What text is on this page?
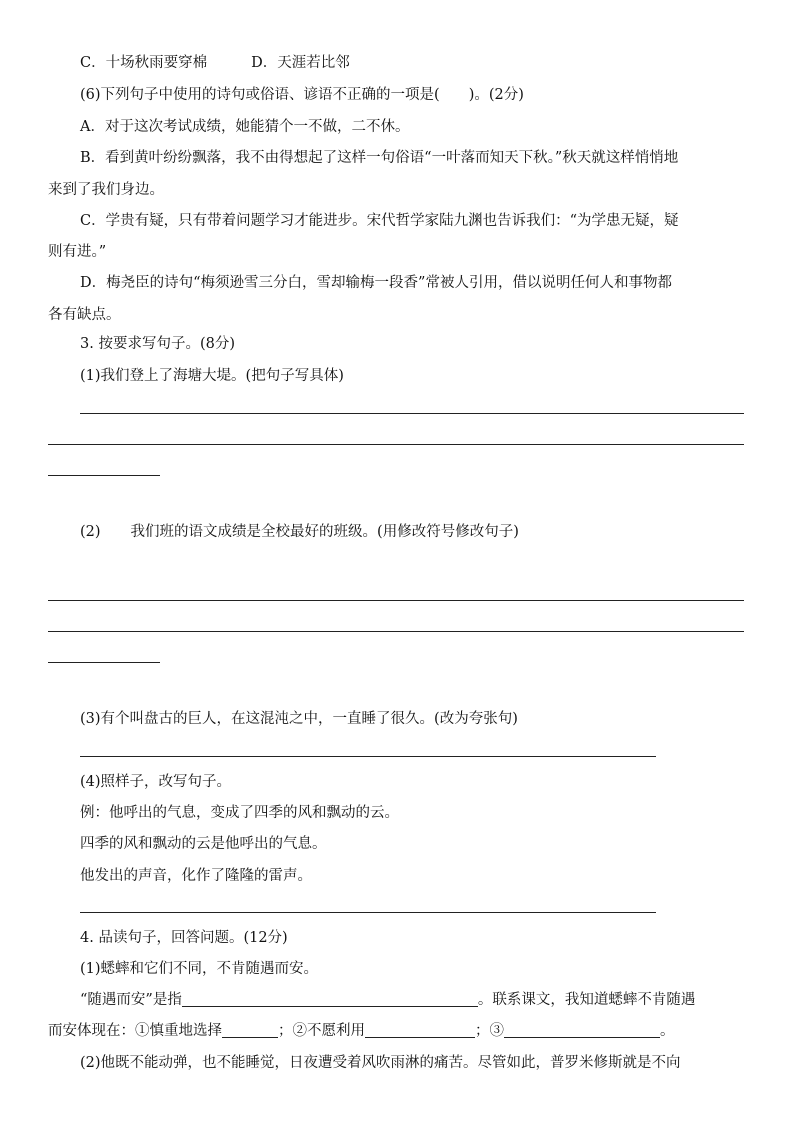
C．十场秋雨要穿棉	D．天涯若比邻
(6)下列句子中使用的诗句或俗语、谚语不正确的一项是(　　)。(2分)
A．对于这次考试成绩，她能猜个一不做，二不休。
B．看到黄叶纷纷飘落，我不由得想起了这样一句俗语“一叶落而知天下秋。”秋天就这样悄悄地
来到了我们身边。
C．学贵有疑，只有带着问题学习才能进步。宋代哲学家陆九渊也告诉我们：“为学患无疑，疑
则有进。”
D．梅尧臣的诗句“梅须逊雪三分白，雪却输梅一段香”常被人引用，借以说明任何人和事物都
各有缺点。
3. 按要求写句子。(8分)
(1)我们登上了海塘大堤。(把句子写具体)
(2) 我们班的语文成绩是全校最好的班级。(用修改符号修改句子)
(3)有个叫盘古的巨人，在这混沌之中，一直睡了很久。(改为夸张句)
(4)照样子，改写句子。
例：他呼出的气息，变成了四季的风和飘动的云。
四季的风和飘动的云是他呼出的气息。
他发出的声音，化作了隆隆的雷声。
4. 品读句子，回答问题。(12分)
(1)蟋蟀和它们不同，不肯随遇而安。
“随遇而安”是指	。联系课文，我知道蟋蟀不肯随遇
而安体现在：①慎重地选择	；②不愿利用	；③	。
(2)他既不能动弹，也不能睡觉，日夜遭受着风吹雨淋的痛苦。尽管如此，普罗米修斯就是不向
